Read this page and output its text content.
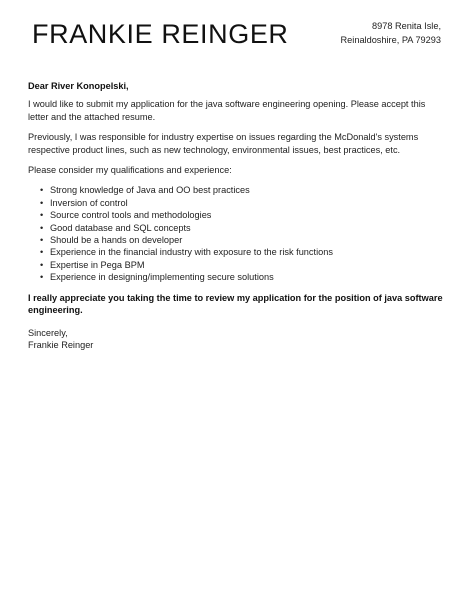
FRANKIE REINGER	8978 Renita Isle,
Reinaldoshire, PA 79293

Dear River Konopelski,

I would like to submit my application for the java software engineering opening. Please accept this letter and the attached resume.

Previously, I was responsible for industry expertise on issues regarding the McDonald's systems respective product lines, such as new technology, environmental issues, best practices, etc.

Please consider my qualifications and experience:

• Strong knowledge of Java and OO best practices
• Inversion of control
• Source control tools and methodologies
• Good database and SQL concepts
• Should be a hands on developer
• Experience in the financial industry with exposure to the risk functions
• Expertise in Pega BPM
• Experience in designing/implementing secure solutions

I really appreciate you taking the time to review my application for the position of java software engineering.

Sincerely,

Frankie Reinger
